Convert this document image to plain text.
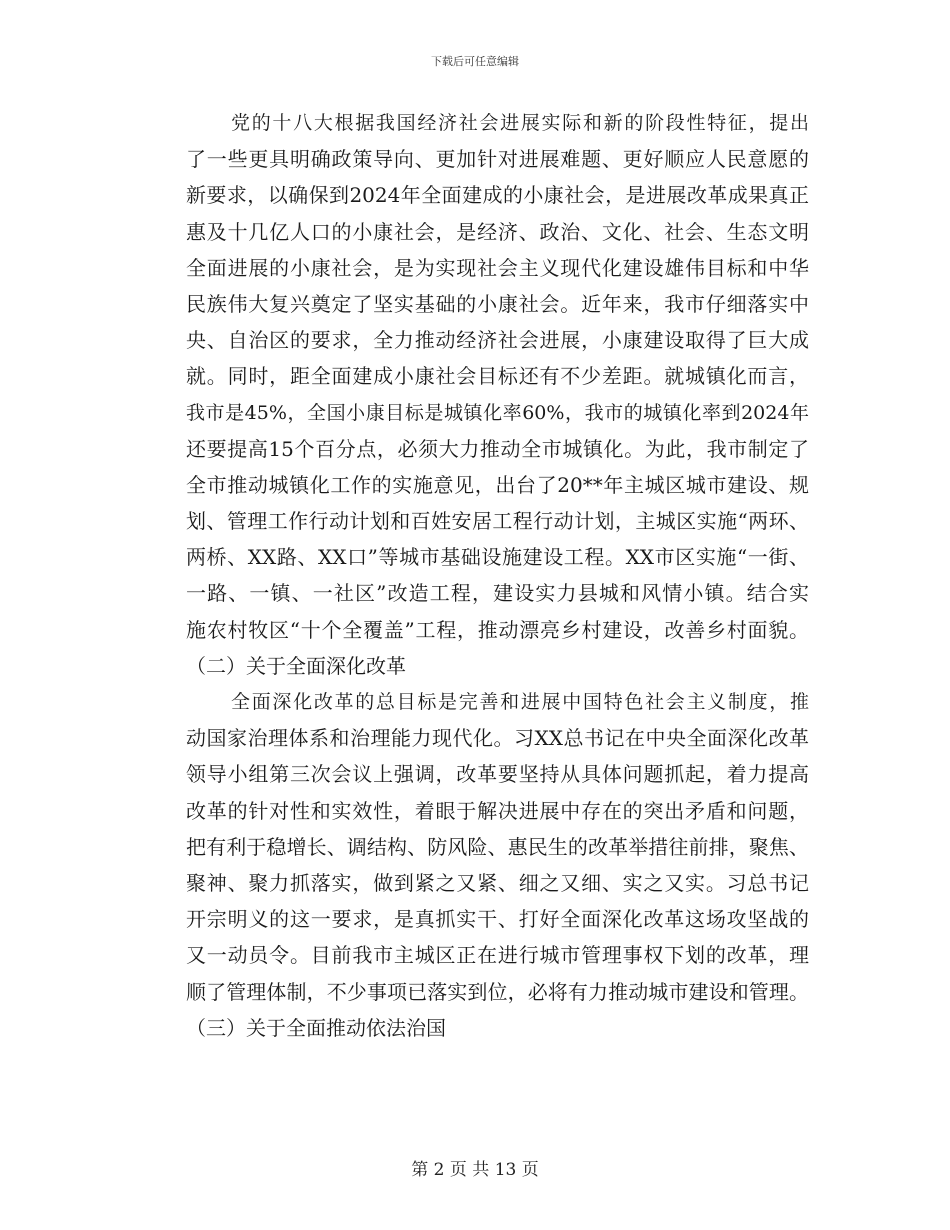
下载后可任意编辑
党的十八大根据我国经济社会进展实际和新的阶段性特征，提出
了一些更具明确政策导向、更加针对进展难题、更好顺应人民意愿的
新要求，以确保到2024年全面建成的小康社会，是进展改革成果真正
惠及十几亿人口的小康社会，是经济、政治、文化、社会、生态文明
全面进展的小康社会，是为实现社会主义现代化建设雄伟目标和中华
民族伟大复兴奠定了坚实基础的小康社会。近年来，我市仔细落实中
央、自治区的要求，全力推动经济社会进展，小康建设取得了巨大成
就。同时，距全面建成小康社会目标还有不少差距。就城镇化而言，
我市是45%，全国小康目标是城镇化率60%，我市的城镇化率到2024年
还要提高15个百分点，必须大力推动全市城镇化。为此，我市制定了
全市推动城镇化工作的实施意见，出台了20**年主城区城市建设、规
划、管理工作行动计划和百姓安居工程行动计划，主城区实施“两环、
两桥、XX路、XX口”等城市基础设施建设工程。XX市区实施“一街、
一路、一镇、一社区”改造工程，建设实力县城和风情小镇。结合实
施农村牧区“十个全覆盖”工程，推动漂亮乡村建设，改善乡村面貌。
（二）关于全面深化改革
全面深化改革的总目标是完善和进展中国特色社会主义制度，推
动国家治理体系和治理能力现代化。习XX总书记在中央全面深化改革
领导小组第三次会议上强调，改革要坚持从具体问题抓起，着力提高
改革的针对性和实效性，着眼于解决进展中存在的突出矛盾和问题，
把有利于稳增长、调结构、防风险、惠民生的改革举措往前排，聚焦、
聚神、聚力抓落实，做到紧之又紧、细之又细、实之又实。习总书记
开宗明义的这一要求，是真抓实干、打好全面深化改革这场攻坚战的
又一动员令。目前我市主城区正在进行城市管理事权下划的改革，理
顺了管理体制，不少事项已落实到位，必将有力推动城市建设和管理。
（三）关于全面推动依法治国
第 2 页 共 13 页
